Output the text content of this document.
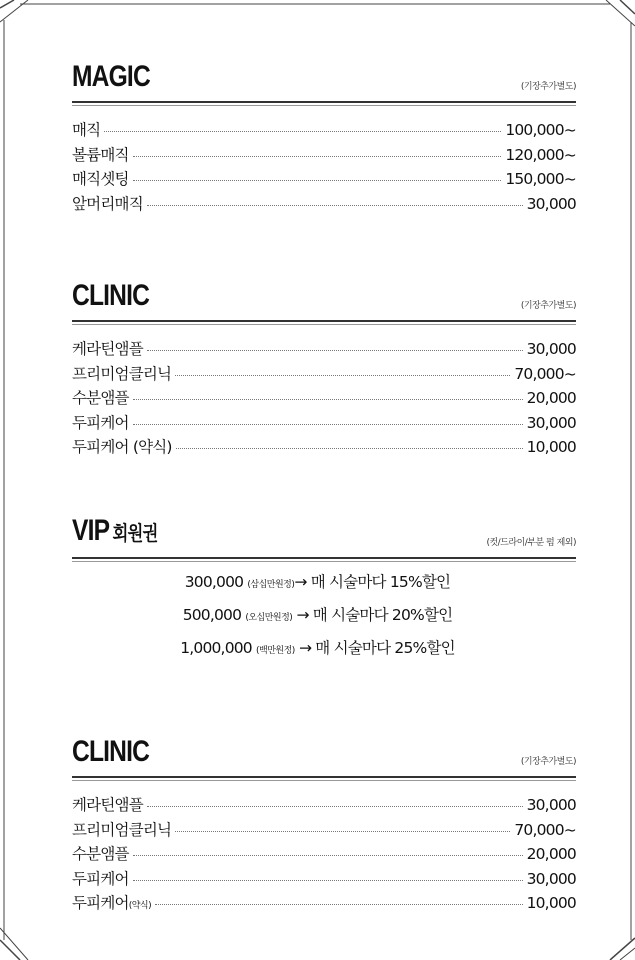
MAGIC	(기장추가별도)
매직	100,000~
볼륨매직	120,000~
매직셋팅	150,000~
앞머리매직	30,000
CLINIC	(기장추가별도)
케라틴앰플	30,000
프리미엄클리닉	70,000~
수분앰플	20,000
두피케어	30,000
두피케어 (약식)	10,000
VIP 회원권	(컷/드라이/부분 펌 제외)
300,000 (삼십만원정)→ 매 시술마다 15%할인
500,000 (오십만원정) → 매 시술마다 20%할인
1,000,000 (백만원정) → 매 시술마다 25%할인
CLINIC	(기장추가별도)
케라틴앰플	30,000
프리미엄클리닉	70,000~
수분앰플	20,000
두피케어	30,000
두피케어(약식)	10,000
